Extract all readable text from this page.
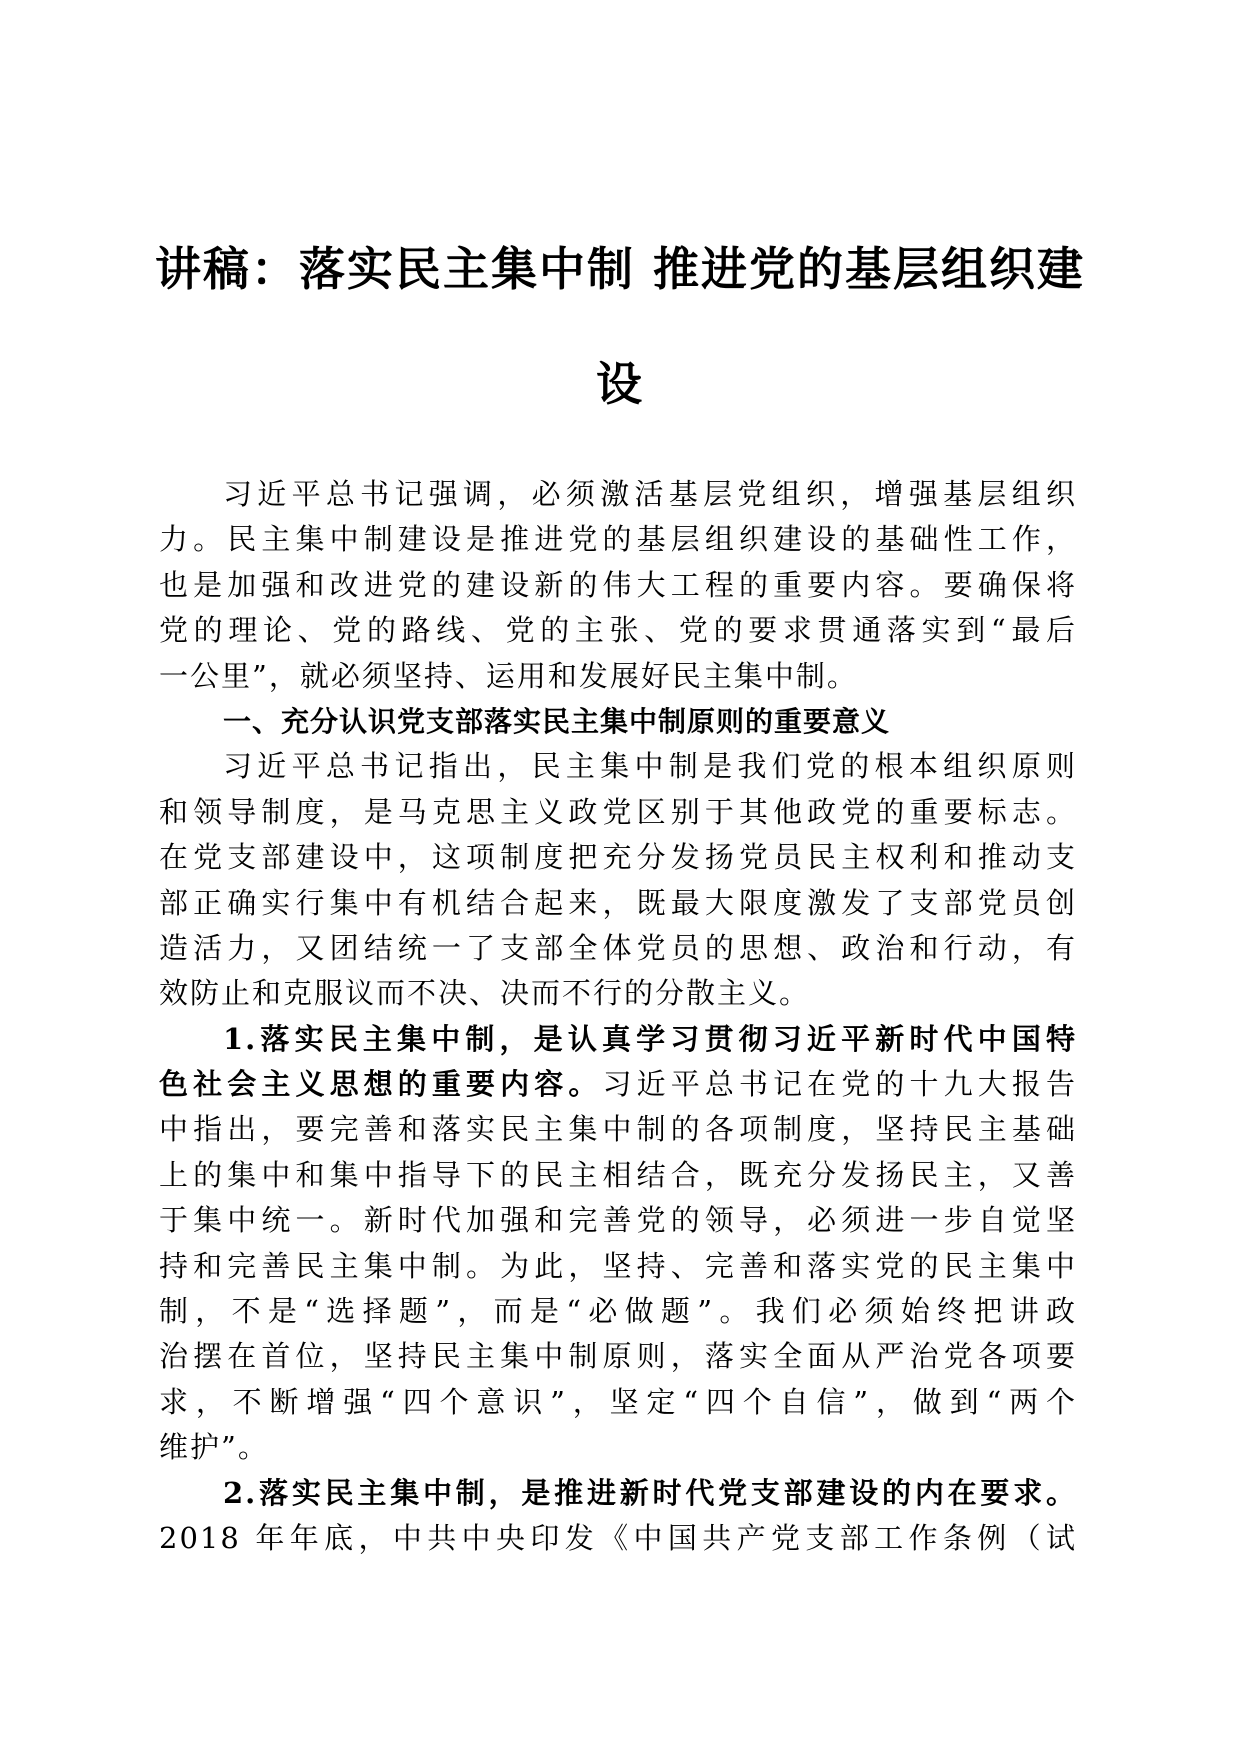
讲稿：落实民主集中制 推进党的基层组织建
设
习近平总书记强调，必须激活基层党组织，增强基层组织
力。民主集中制建设是推进党的基层组织建设的基础性工作，
也是加强和改进党的建设新的伟大工程的重要内容。要确保将
党的理论、党的路线、党的主张、党的要求贯通落实到“最后
一公里”，就必须坚持、运用和发展好民主集中制。
一、充分认识党支部落实民主集中制原则的重要意义
习近平总书记指出，民主集中制是我们党的根本组织原则
和领导制度，是马克思主义政党区别于其他政党的重要标志。
在党支部建设中，这项制度把充分发扬党员民主权利和推动支
部正确实行集中有机结合起来，既最大限度激发了支部党员创
造活力，又团结统一了支部全体党员的思想、政治和行动，有
效防止和克服议而不决、决而不行的分散主义。
1.落实民主集中制，是认真学习贯彻习近平新时代中国特
色社会主义思想的重要内容。习近平总书记在党的十九大报告
中指出，要完善和落实民主集中制的各项制度，坚持民主基础
上的集中和集中指导下的民主相结合，既充分发扬民主，又善
于集中统一。新时代加强和完善党的领导，必须进一步自觉坚
持和完善民主集中制。为此，坚持、完善和落实党的民主集中
制，不是“选择题”，而是“必做题”。我们必须始终把讲政
治摆在首位，坚持民主集中制原则，落实全面从严治党各项要
求，不断增强“四个意识”，坚定“四个自信”，做到“两个
维护”。
2.落实民主集中制，是推进新时代党支部建设的内在要求。
2018 年年底，中共中央印发《中国共产党支部工作条例（试
